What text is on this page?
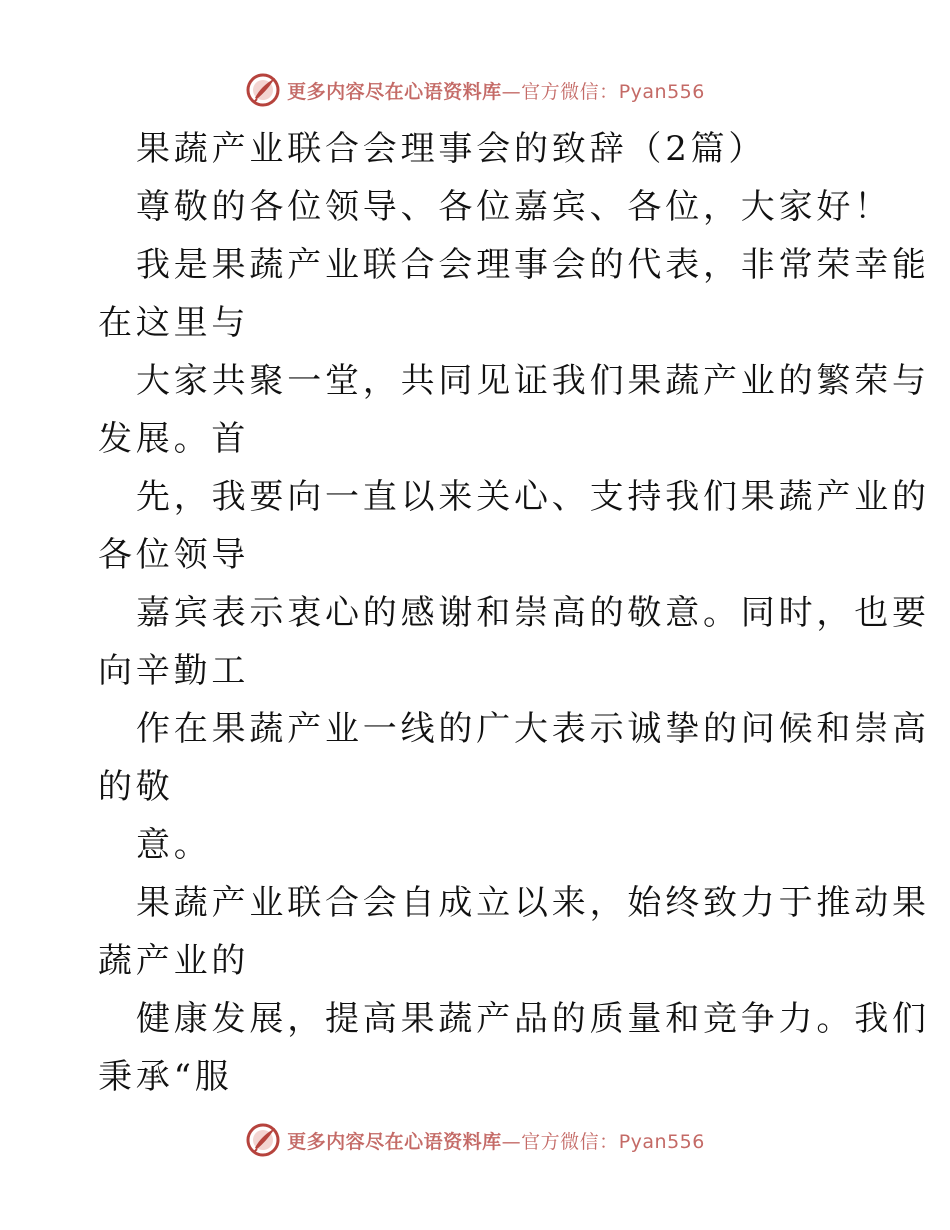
更多内容尽在心语资料库—官方微信：Pyan556
果蔬产业联合会理事会的致辞（2篇）
尊敬的各位领导、各位嘉宾、各位，大家好！
我是果蔬产业联合会理事会的代表，非常荣幸能
在这里与
大家共聚一堂，共同见证我们果蔬产业的繁荣与
发展。首
先，我要向一直以来关心、支持我们果蔬产业的
各位领导
嘉宾表示衷心的感谢和崇高的敬意。同时，也要
向辛勤工
作在果蔬产业一线的广大表示诚挚的问候和崇高
的敬
意。
果蔬产业联合会自成立以来，始终致力于推动果
蔬产业的
健康发展，提高果蔬产品的质量和竞争力。我们
秉承“服
更多内容尽在心语资料库—官方微信：Pyan556
